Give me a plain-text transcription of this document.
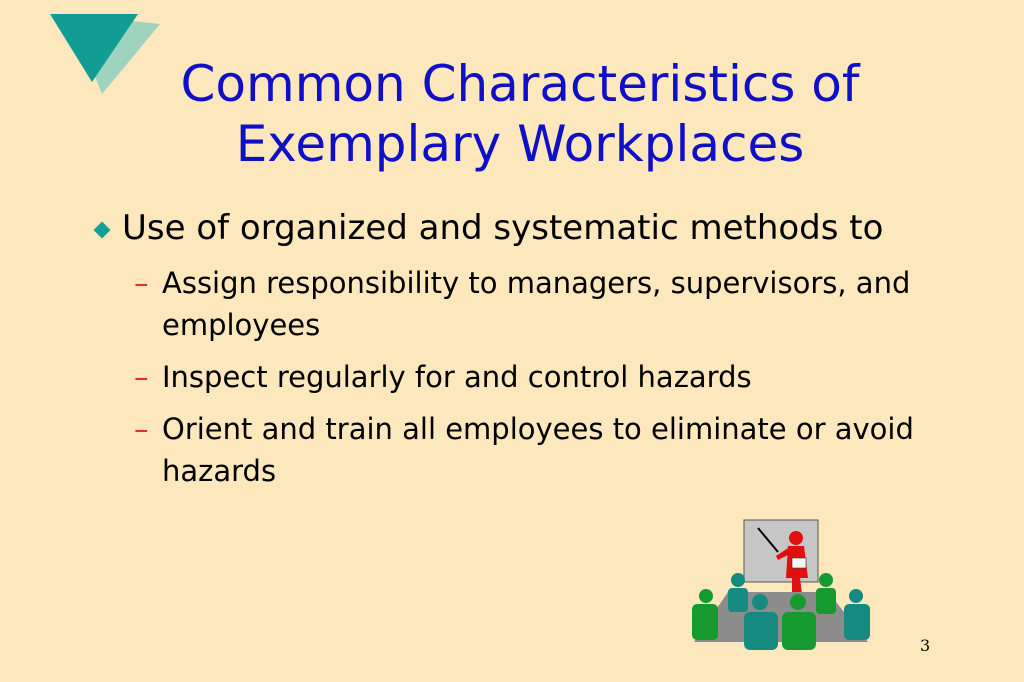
Common Characteristics of
Exemplary Workplaces
Use of organized and systematic methods to
– Assign responsibility to managers, supervisors, and employees
– Inspect regularly for and control hazards
– Orient and train all employees to eliminate or avoid hazards
3
